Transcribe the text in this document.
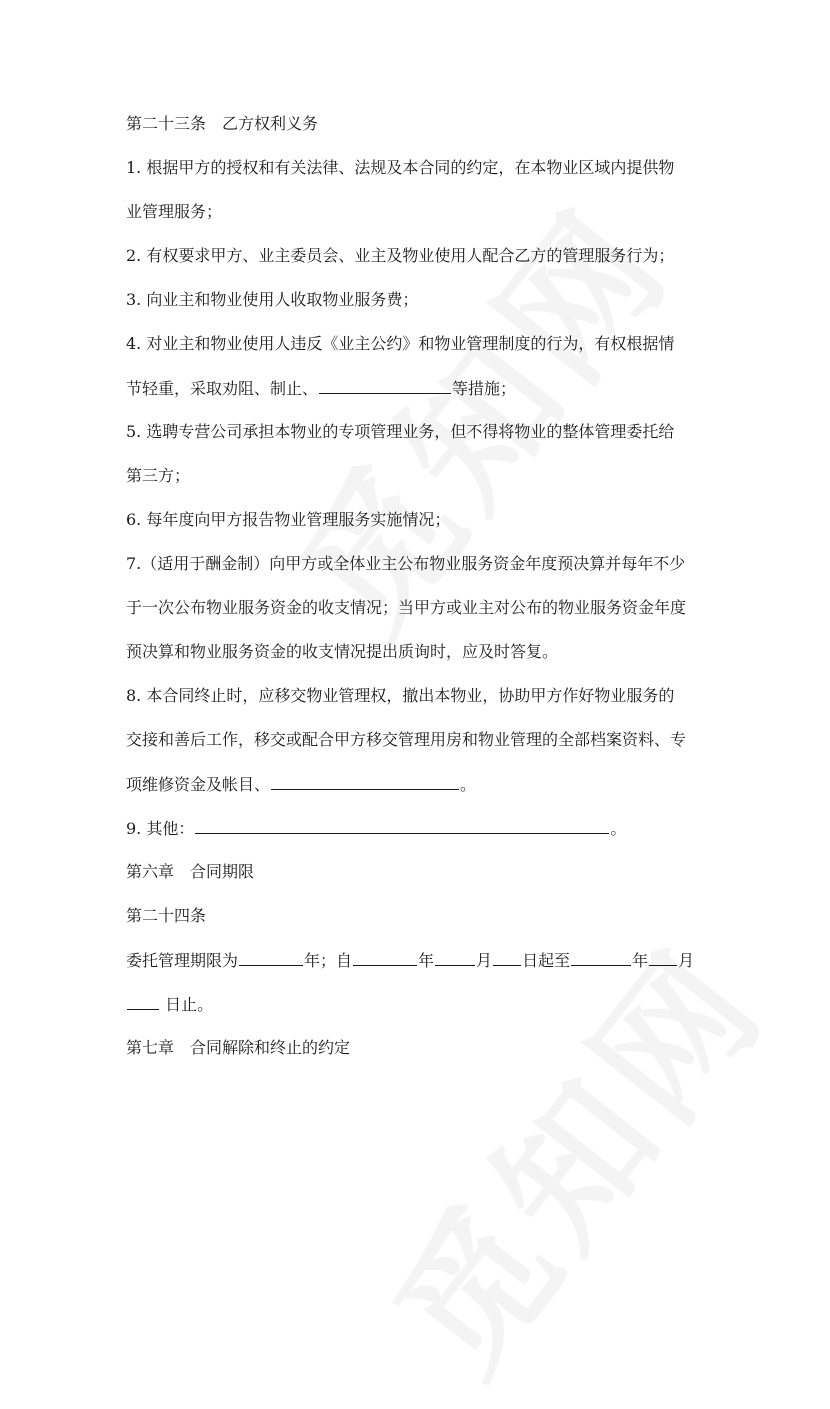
第二十三条　乙方权利义务
1. 根据甲方的授权和有关法律、法规及本合同的约定，在本物业区域内提供物
业管理服务；
2. 有权要求甲方、业主委员会、业主及物业使用人配合乙方的管理服务行为；
3. 向业主和物业使用人收取物业服务费；
4. 对业主和物业使用人违反《业主公约》和物业管理制度的行为，有权根据情
节轻重，采取劝阻、制止、	等措施；
5. 选聘专营公司承担本物业的专项管理业务，但不得将物业的整体管理委托给
第三方；
6. 每年度向甲方报告物业管理服务实施情况；
7.（适用于酬金制）向甲方或全体业主公布物业服务资金年度预决算并每年不少
于一次公布物业服务资金的收支情况；当甲方或业主对公布的物业服务资金年度
预决算和物业服务资金的收支情况提出质询时，应及时答复。
8. 本合同终止时，应移交物业管理权，撤出本物业，协助甲方作好物业服务的
交接和善后工作，移交或配合甲方移交管理用房和物业管理的全部档案资料、专
项维修资金及帐目、	。
9. 其他：	。
第六章　合同期限
第二十四条
委托管理期限为	年；自	年	月 日起至	年 月
日止。
第七章　合同解除和终止的约定
